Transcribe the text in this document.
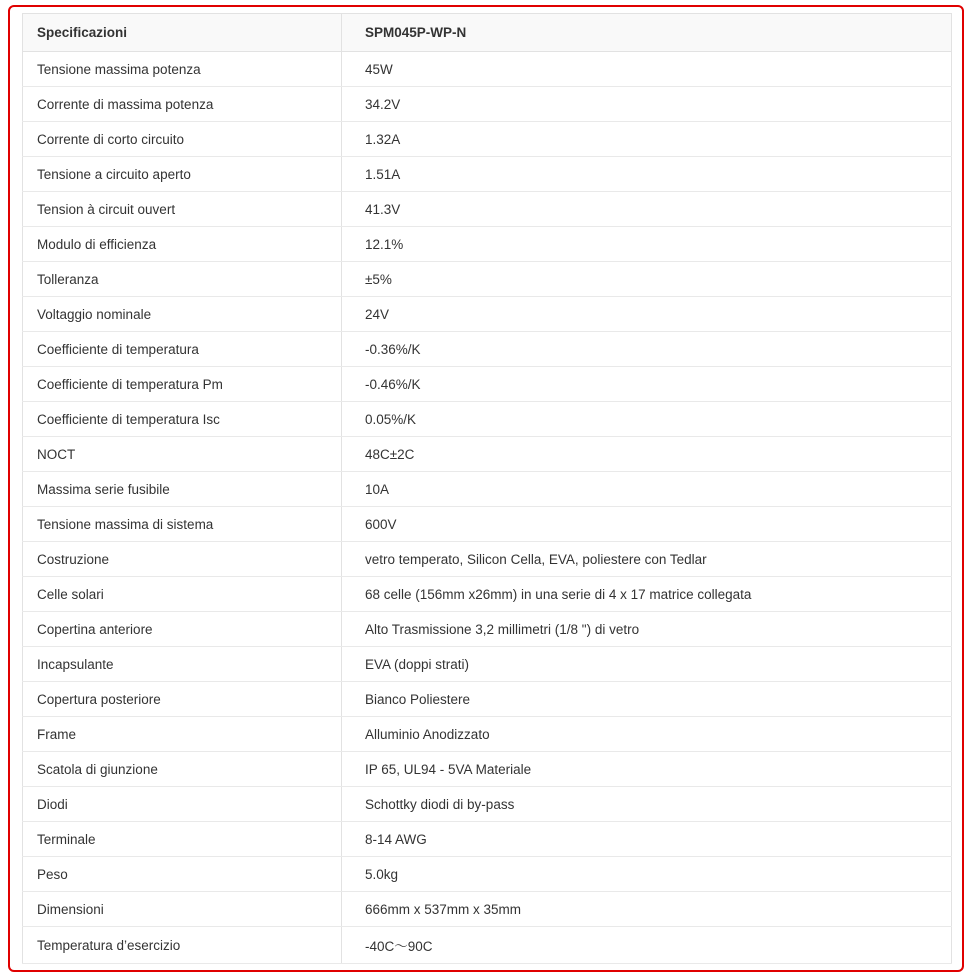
Specificazioni	SPM045P-WP-N
Tensione massima potenza	45W
Corrente di massima potenza	34.2V
Corrente di corto circuito	1.32A
Tensione a circuito aperto	1.51A
Tension à circuit ouvert	41.3V
Modulo di efficienza	12.1%
Tolleranza	±5%
Voltaggio nominale	24V
Coefficiente di temperatura	-0.36%/K
Coefficiente di temperatura Pm	-0.46%/K
Coefficiente di temperatura Isc	0.05%/K
NOCT	48C±2C
Massima serie fusibile	10A
Tensione massima di sistema	600V
Costruzione	vetro temperato, Silicon Cella, EVA, poliestere con Tedlar
Celle solari	68 celle (156mm x26mm) in una serie di 4 x 17 matrice collegata
Copertina anteriore	Alto Trasmissione 3,2 millimetri (1/8 ") di vetro
Incapsulante	EVA (doppi strati)
Copertura posteriore	Bianco Poliestere
Frame	Alluminio Anodizzato
Scatola di giunzione	IP 65, UL94 - 5VA Materiale
Diodi	Schottky diodi di by-pass
Terminale	8-14 AWG
Peso	5.0kg
Dimensioni	666mm x 537mm x 35mm
Temperatura d’esercizio	-40C～90C
